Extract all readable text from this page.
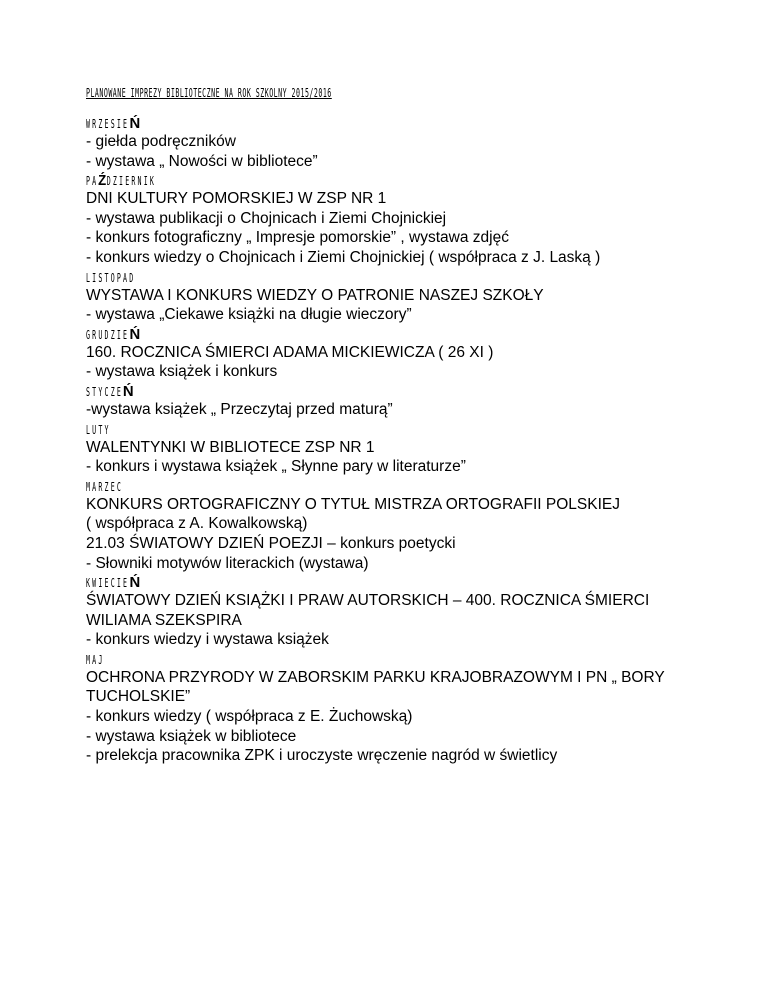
PLANOWANE IMPREZY BIBLIOTECZNE NA ROK SZKOLNY 2015/2016
WRZESIEŃ
- giełda podręczników
- wystawa „ Nowości w bibliotece”
PAŹDZIERNIK
DNI KULTURY POMORSKIEJ W ZSP NR 1
- wystawa publikacji o Chojnicach i Ziemi Chojnickiej
- konkurs fotograficzny „ Impresje pomorskie” , wystawa zdjęć
- konkurs wiedzy o Chojnicach i Ziemi Chojnickiej ( współpraca z J. Laską )
LISTOPAD
WYSTAWA I KONKURS WIEDZY O PATRONIE NASZEJ SZKOŁY
- wystawa „Ciekawe książki na długie wieczory”
GRUDZIEŃ
160. ROCZNICA ŚMIERCI ADAMA MICKIEWICZA ( 26 XI )
- wystawa książek i konkurs
STYCZEŃ
-wystawa książek „ Przeczytaj przed maturą”
LUTY
WALENTYNKI W BIBLIOTECE ZSP NR 1
- konkurs i wystawa książek „ Słynne pary w literaturze”
MARZEC
KONKURS ORTOGRAFICZNY O TYTUŁ MISTRZA ORTOGRAFII POLSKIEJ
( współpraca z A. Kowalkowską)
21.03 ŚWIATOWY DZIEŃ POEZJI – konkurs poetycki
- Słowniki motywów literackich (wystawa)
KWIECIEŃ
ŚWIATOWY DZIEŃ KSIĄŻKI I PRAW AUTORSKICH – 400. ROCZNICA ŚMIERCI
WILIAMA SZEKSPIRA
- konkurs wiedzy i wystawa książek
MAJ
OCHRONA PRZYRODY W ZABORSKIM PARKU KRAJOBRAZOWYM I PN „ BORY
TUCHOLSKIE”
- konkurs wiedzy ( współpraca z E. Żuchowską)
- wystawa książek w bibliotece
- prelekcja pracownika ZPK i uroczyste wręczenie nagród w świetlicy
